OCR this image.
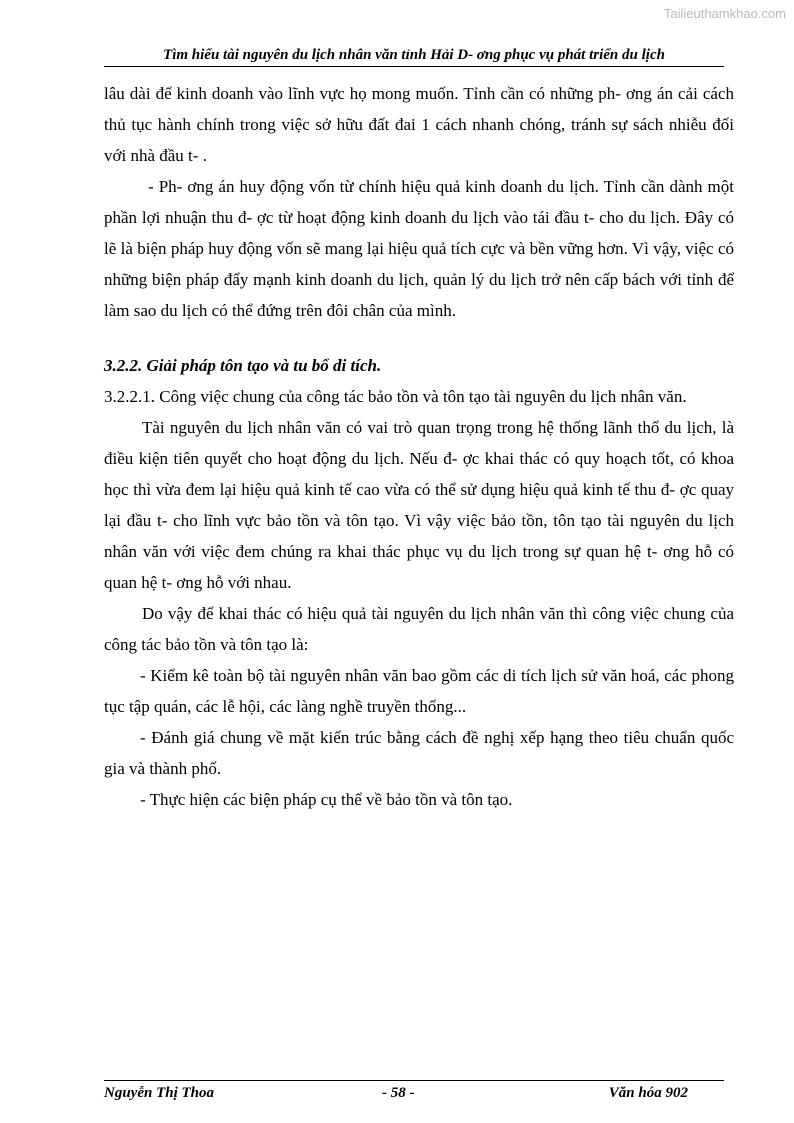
Tailieuthamkhao.com
Tìm hiểu tài nguyên du lịch nhân văn tỉnh Hải D- ơng phục vụ phát triển du lịch

lâu dài để kinh doanh vào lĩnh vực họ mong muốn. Tỉnh cần có những ph- ơng án cải cách thủ tục hành chính trong việc sở hữu đất đai 1 cách nhanh chóng, tránh sự sách nhiễu đối với nhà đầu t- .

- Ph- ơng án huy động vốn từ chính hiệu quả kinh doanh du lịch. Tỉnh cần dành một phần lợi nhuận thu đ- ợc từ hoạt động kinh doanh du lịch vào tái đầu t- cho du lịch. Đây có lẽ là biện pháp huy động vốn sẽ mang lại hiệu quả tích cực và bền vững hơn. Vì vậy, việc có những biện pháp đẩy mạnh kinh doanh du lịch, quản lý du lịch trở nên cấp bách với tỉnh để làm sao du lịch có thể đứng trên đôi chân của mình.

3.2.2. Giải pháp tôn tạo và tu bổ di tích.

3.2.2.1. Công việc chung của công tác bảo tồn và tôn tạo tài nguyên du lịch nhân văn.

Tài nguyên du lịch nhân văn có vai trò quan trọng trong hệ thống lãnh thổ du lịch, là điều kiện tiên quyết cho hoạt động du lịch. Nếu đ- ợc khai thác có quy hoạch tốt, có khoa học thì vừa đem lại hiệu quả kinh tế cao vừa có thể sử dụng hiệu quả kinh tế thu đ- ợc quay lại đầu t- cho lĩnh vực bảo tồn và tôn tạo. Vì vậy việc bảo tồn, tôn tạo tài nguyên du lịch nhân văn với việc đem chúng ra khai thác phục vụ du lịch trong sự quan hệ t- ơng hỗ có quan hệ t- ơng hỗ với nhau.

Do vậy để khai thác có hiệu quả tài nguyên du lịch nhân văn thì công việc chung của công tác bảo tồn và tôn tạo là:

- Kiểm kê toàn bộ tài nguyên nhân văn bao gồm các di tích lịch sử văn hoá, các phong tục tập quán, các lễ hội, các làng nghề truyền thống...

- Đánh giá chung về mặt kiến trúc bằng cách đề nghị xếp hạng theo tiêu chuẩn quốc gia và thành phố.

- Thực hiện các biện pháp cụ thể về bảo tồn và tôn tạo.

Nguyễn Thị Thoa	- 58 -	Văn hóa 902
